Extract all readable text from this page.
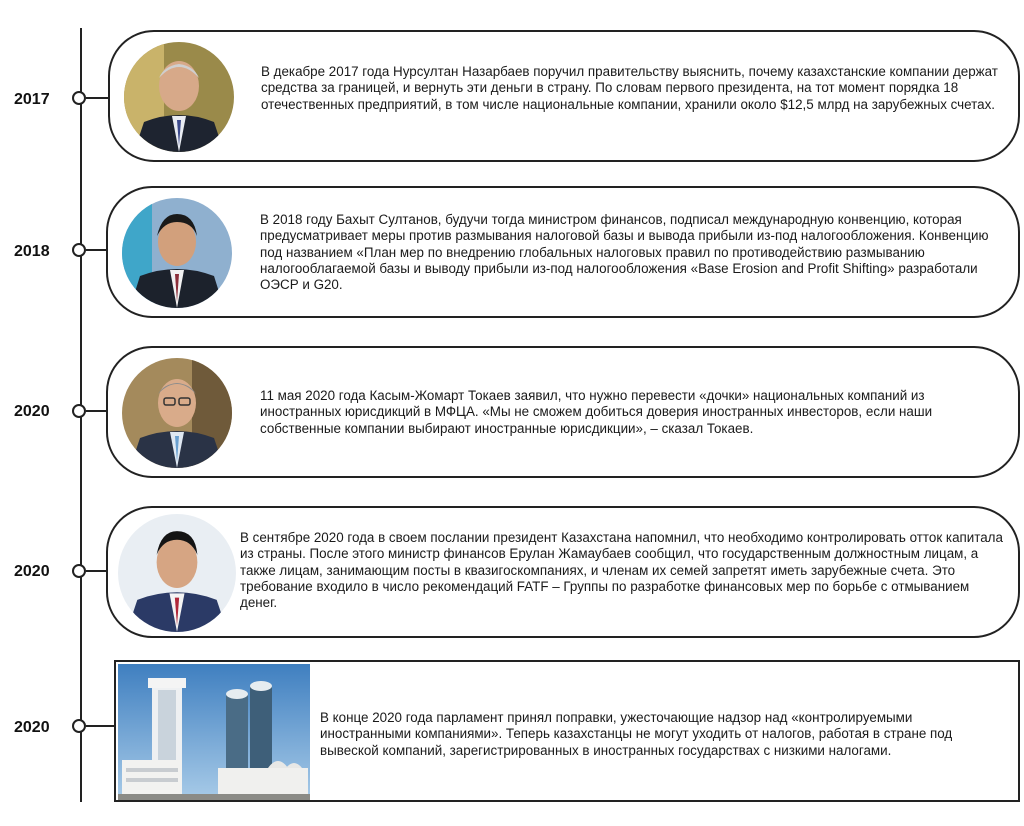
2017
В декабре 2017 года Нурсултан Назарбаев поручил правительству выяснить, почему казахстанские компании держат средства за границей, и вернуть эти деньги в страну. По словам первого президента, на тот момент порядка 18 отечественных предприятий, в том числе национальные компании, хранили около $12,5 млрд на зарубежных счетах.
2018
В 2018 году Бахыт Султанов, будучи тогда министром финансов, подписал международную конвенцию, которая предусматривает меры против размывания налоговой базы и вывода прибыли из-под налогообложения. Конвенцию под названием «План мер по внедрению глобальных налоговых правил по противодействию размыванию налогооблагаемой базы и выводу прибыли из-под налогообложения «Base Erosion and Profit Shifting» разработали ОЭСР и G20.
2020
11 мая 2020 года Касым-Жомарт Токаев заявил, что нужно перевести «дочки» национальных компаний из иностранных юрисдикций в МФЦА. «Мы не сможем добиться доверия иностранных инвесторов, если наши собственные компании выбирают иностранные юрисдикции», – сказал Токаев.
2020
В сентябре 2020 года в своем послании президент Казахстана напомнил, что необходимо контролировать отток капитала из страны. После этого министр финансов Ерулан Жамаубаев сообщил, что государственным должностным лицам, а также лицам, занимающим посты в квазигоскомпаниях, и членам их семей запретят иметь зарубежные счета. Это требование входило в число рекомендаций FATF – Группы по разработке финансовых мер по борьбе с отмыванием денег.
2020
В конце 2020 года парламент принял поправки, ужесточающие надзор над «контролируемыми иностранными компаниями». Теперь казахстанцы не могут уходить от налогов, работая в стране под вывеской компаний, зарегистрированных в иностранных государствах с низкими налогами.
